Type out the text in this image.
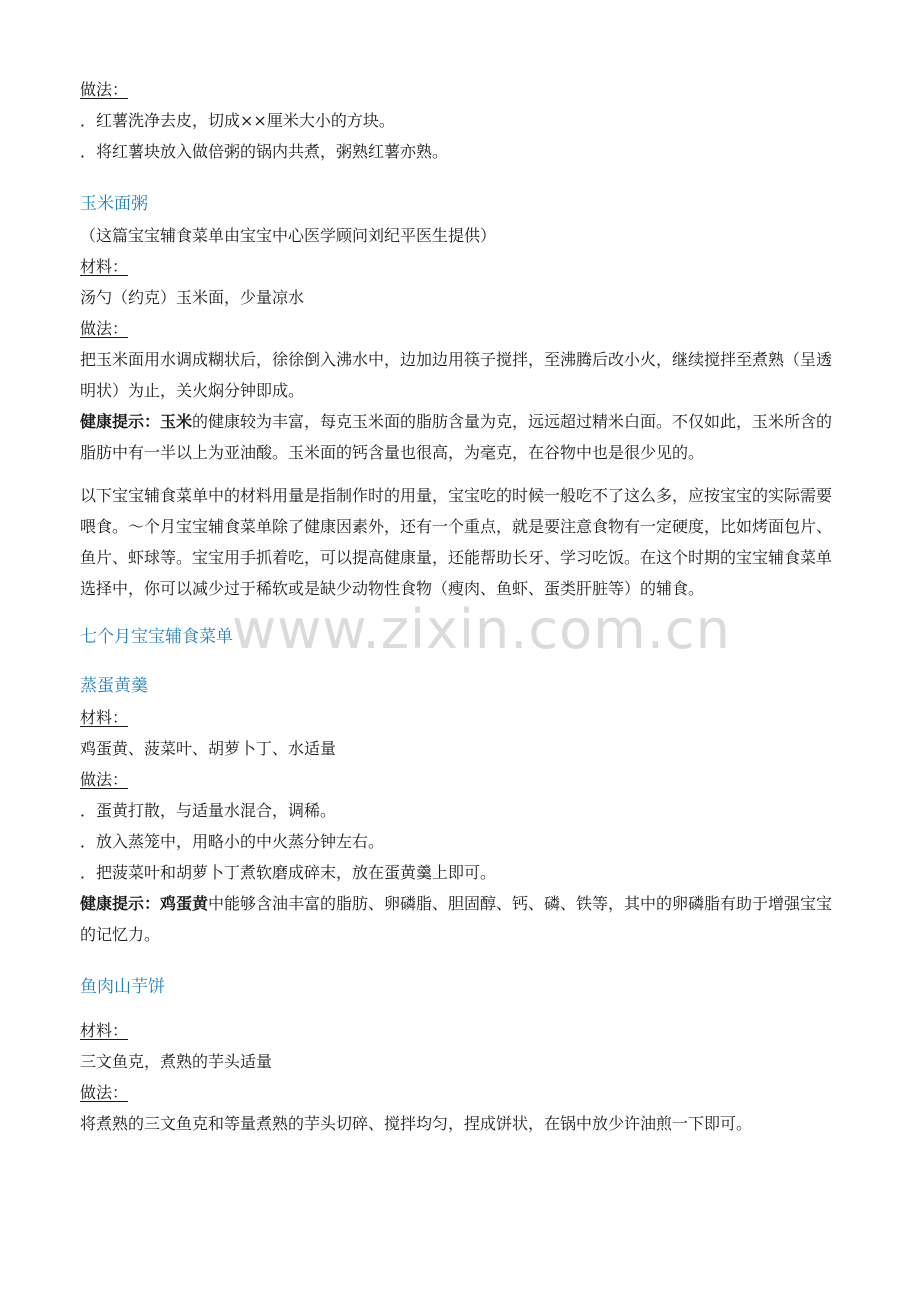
做法：
．红薯洗净去皮，切成××厘米大小的方块。
．将红薯块放入做倍粥的锅内共煮，粥熟红薯亦熟。
玉米面粥
（这篇宝宝辅食菜单由宝宝中心医学顾问刘纪平医生提供）
材料：
汤勺（约克）玉米面，少量凉水
做法：
把玉米面用水调成糊状后，徐徐倒入沸水中，边加边用筷子搅拌，至沸腾后改小火，继续搅拌至煮熟（呈透明状）为止，关火焖分钟即成。
健康提示：玉米的健康较为丰富，每克玉米面的脂肪含量为克，远远超过精米白面。不仅如此，玉米所含的脂肪中有一半以上为亚油酸。玉米面的钙含量也很高，为毫克，在谷物中也是很少见的。
以下宝宝辅食菜单中的材料用量是指制作时的用量，宝宝吃的时候一般吃不了这么多，应按宝宝的实际需要喂食。～个月宝宝辅食菜单除了健康因素外，还有一个重点，就是要注意食物有一定硬度，比如烤面包片、鱼片、虾球等。宝宝用手抓着吃，可以提高健康量，还能帮助长牙、学习吃饭。在这个时期的宝宝辅食菜单选择中，你可以减少过于稀软或是缺少动物性食物（瘦肉、鱼虾、蛋类肝脏等）的辅食。
七个月宝宝辅食菜单
蒸蛋黄羹
材料：
鸡蛋黄、菠菜叶、胡萝卜丁、水适量
做法：
．蛋黄打散，与适量水混合，调稀。
．放入蒸笼中，用略小的中火蒸分钟左右。
．把菠菜叶和胡萝卜丁煮软磨成碎末，放在蛋黄羹上即可。
健康提示：鸡蛋黄中能够含油丰富的脂肪、卵磷脂、胆固醇、钙、磷、铁等，其中的卵磷脂有助于增强宝宝的记忆力。
鱼肉山芋饼
材料：
三文鱼克，煮熟的芋头适量
做法：
将煮熟的三文鱼克和等量煮熟的芋头切碎、搅拌均匀，捏成饼状，在锅中放少许油煎一下即可。
www.zixin.com.cn
